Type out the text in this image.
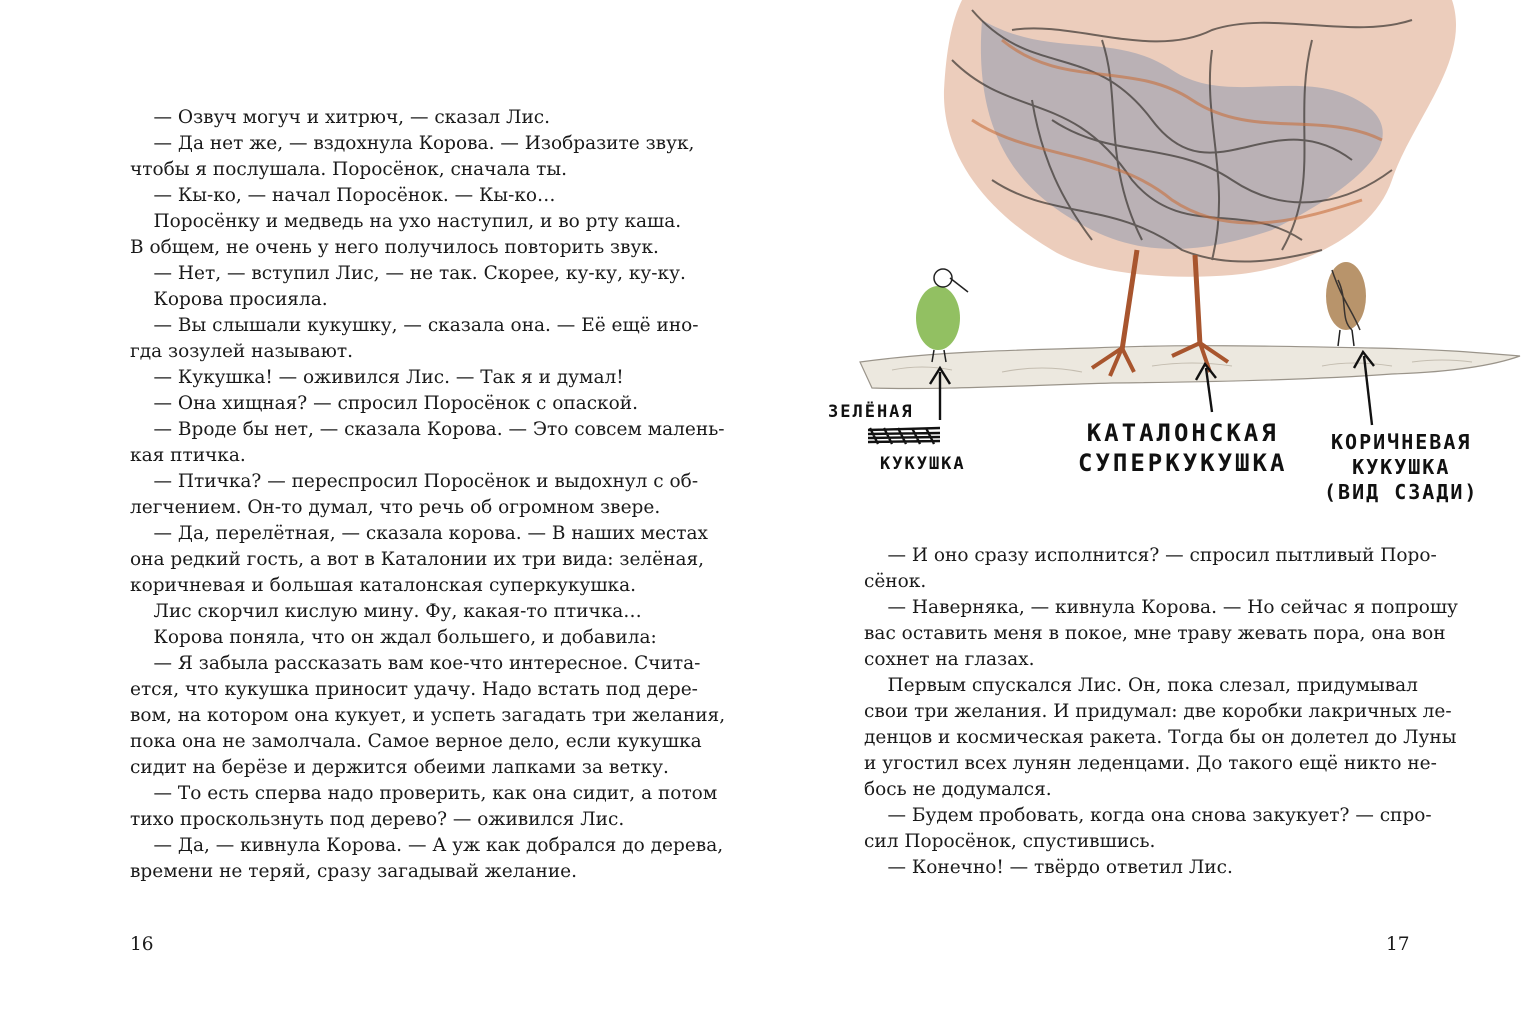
— Озвуч могуч и хитрюч, — сказал Лис.

— Да нет же, — вздохнула Корова. — Изобразите звук,

чтобы я послушала. Поросёнок, сначала ты.

— Кы-ко, — начал Поросёнок. — Кы-ко…

Поросёнку и медведь на ухо наступил, и во рту каша.

В общем, не очень у него получилось повторить звук.

— Нет, — вступил Лис, — не так. Скорее, ку-ку, ку-ку.

Корова просияла.

— Вы слышали кукушку, — сказала она. — Её ещё ино-

гда зозулей называют.

— Кукушка! — оживился Лис. — Так я и думал!

— Она хищная? — спросил Поросёнок с опаской.

— Вроде бы нет, — сказала Корова. — Это совсем малень-

кая птичка.

— Птичка? — переспросил Поросёнок и выдохнул с об-

легчением. Он-то думал, что речь об огромном звере.

— Да, перелётная, — сказала корова. — В наших местах

она редкий гость, а вот в Каталонии их три вида: зелёная,

коричневая и большая каталонская суперкукушка.

Лис скорчил кислую мину. Фу, какая-то птичка…

Корова поняла, что он ждал большего, и добавила:

— Я забыла рассказать вам кое-что интересное. Счита-

ется, что кукушка приносит удачу. Надо встать под дере-

вом, на котором она кукует, и успеть загадать три желания,

пока она не замолчала. Самое верное дело, если кукушка

сидит на берёзе и держится обеими лапками за ветку.

— То есть сперва надо проверить, как она сидит, а потом

тихо проскользнуть под дерево? — оживился Лис.

— Да, — кивнула Корова. — А уж как добрался до дерева,

времени не теряй, сразу загадывай желание.

16
ЗЕЛЁНАЯ
КУКУШКА
КАТАЛОНСКАЯ
СУПЕРКУКУШКА
КОРИЧНЕВАЯ
КУКУШКА
(ВИД СЗАДИ)

— И оно сразу исполнится? — спросил пытливый Поро-

сёнок.

— Наверняка, — кивнула Корова. — Но сейчас я попрошу

вас оставить меня в покое, мне траву жевать пора, она вон

сохнет на глазах.

Первым спускался Лис. Он, пока слезал, придумывал

свои три желания. И придумал: две коробки лакричных ле-

денцов и космическая ракета. Тогда бы он долетел до Луны

и угостил всех лунян леденцами. До такого ещё никто не-

бось не додумался.

— Будем пробовать, когда она снова закукует? — спро-

сил Поросёнок, спустившись.

— Конечно! — твёрдо ответил Лис.

17
